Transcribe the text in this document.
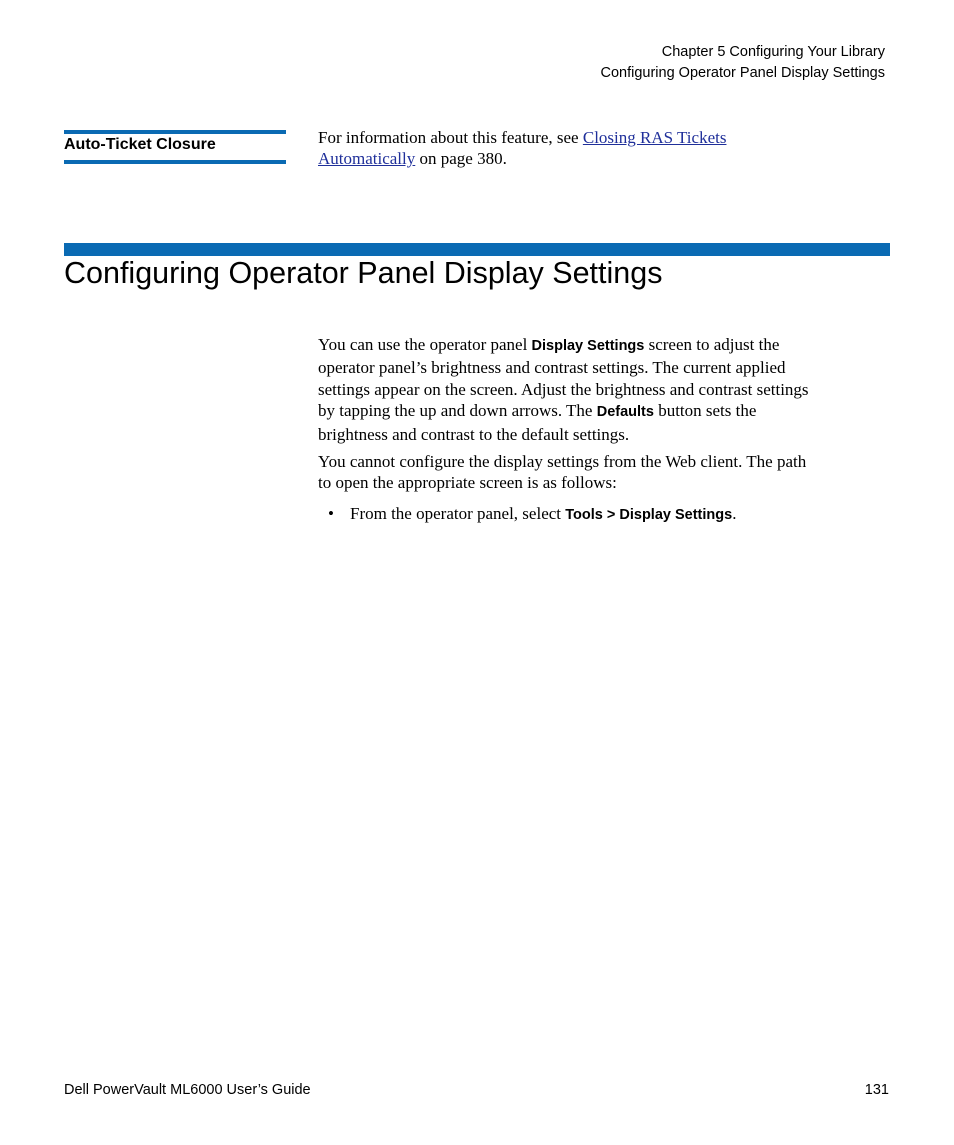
Chapter 5 Configuring Your Library
Configuring Operator Panel Display Settings
Auto-Ticket Closure	For information about this feature, see Closing RAS Tickets
Automatically on page 380.
Configuring Operator Panel Display Settings
You can use the operator panel Display Settings screen to adjust the
operator panel’s brightness and contrast settings. The current applied
settings appear on the screen. Adjust the brightness and contrast settings
by tapping the up and down arrows. The Defaults button sets the
brightness and contrast to the default settings.
You cannot configure the display settings from the Web client. The path
to open the appropriate screen is as follows:
• From the operator panel, select Tools > Display Settings.
Dell PowerVault ML6000 User’s Guide	131
